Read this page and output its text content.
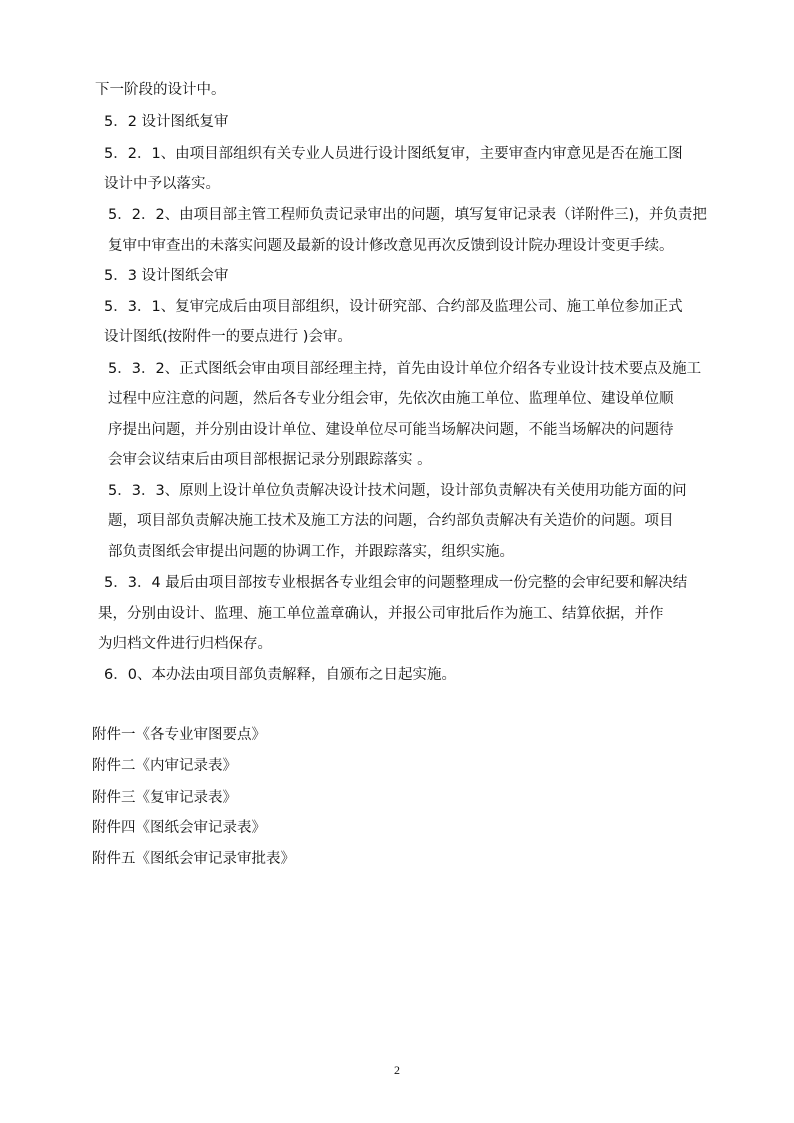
下一阶段的设计中。
5．2 设计图纸复审
5．2．1、由项目部组织有关专业人员进行设计图纸复审，主要审查内审意见是否在施工图
设计中予以落实。
5．2．2、由项目部主管工程师负责记录审出的问题，填写复审记录表（详附件三)，并负责把
复审中审查出的未落实问题及最新的设计修改意见再次反馈到设计院办理设计变更手续。
5．3 设计图纸会审
5．3．1、复审完成后由项目部组织，设计研究部、合约部及监理公司、施工单位参加正式
设计图纸(按附件一的要点进行 )会审。
5．3．2、正式图纸会审由项目部经理主持，首先由设计单位介绍各专业设计技术要点及施工
过程中应注意的问题，然后各专业分组会审，先依次由施工单位、监理单位、建设单位顺
序提出问题，并分别由设计单位、建设单位尽可能当场解决问题，不能当场解决的问题待
会审会议结束后由项目部根据记录分别跟踪落实 。
5．3．3、原则上设计单位负责解决设计技术问题，设计部负责解决有关使用功能方面的问
题，项目部负责解决施工技术及施工方法的问题，合约部负责解决有关造价的问题。项目
部负责图纸会审提出问题的协调工作，并跟踪落实，组织实施。
5．3．4 最后由项目部按专业根据各专业组会审的问题整理成一份完整的会审纪要和解决结
果，分别由设计、监理、施工单位盖章确认，并报公司审批后作为施工、结算依据，并作
为归档文件进行归档保存。
6．0、本办法由项目部负责解释，自颁布之日起实施。
附件一《各专业审图要点》
附件二《内审记录表》
附件三《复审记录表》
附件四《图纸会审记录表》
附件五《图纸会审记录审批表》
2
